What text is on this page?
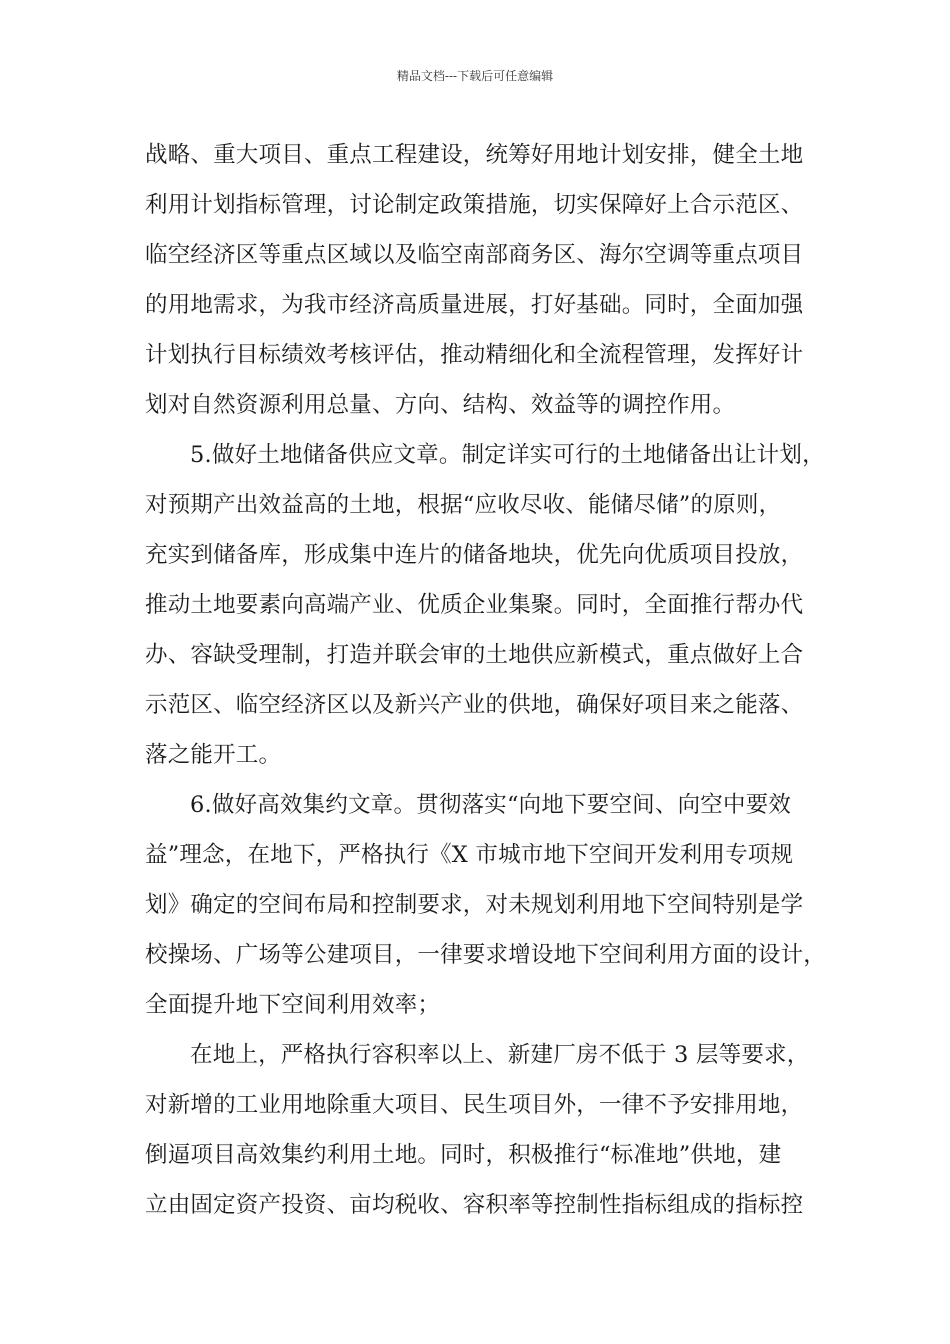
精品文档---下载后可任意编辑
战略、重大项目、重点工程建设，统筹好用地计划安排，健全土地
利用计划指标管理，讨论制定政策措施，切实保障好上合示范区、
临空经济区等重点区域以及临空南部商务区、海尔空调等重点项目
的用地需求，为我市经济高质量进展，打好基础。同时，全面加强
计划执行目标绩效考核评估，推动精细化和全流程管理，发挥好计
划对自然资源利用总量、方向、结构、效益等的调控作用。
5.做好土地储备供应文章。制定详实可行的土地储备出让计划，
对预期产出效益高的土地，根据“应收尽收、能储尽储”的原则，
充实到储备库，形成集中连片的储备地块，优先向优质项目投放，
推动土地要素向高端产业、优质企业集聚。同时，全面推行帮办代
办、容缺受理制，打造并联会审的土地供应新模式，重点做好上合
示范区、临空经济区以及新兴产业的供地，确保好项目来之能落、
落之能开工。
6.做好高效集约文章。贯彻落实“向地下要空间、向空中要效
益”理念，在地下，严格执行《X 市城市地下空间开发利用专项规
划》确定的空间布局和控制要求，对未规划利用地下空间特别是学
校操场、广场等公建项目，一律要求增设地下空间利用方面的设计，
全面提升地下空间利用效率；
在地上，严格执行容积率以上、新建厂房不低于 3 层等要求，
对新增的工业用地除重大项目、民生项目外，一律不予安排用地，
倒逼项目高效集约利用土地。同时，积极推行“标准地”供地，建
立由固定资产投资、亩均税收、容积率等控制性指标组成的指标控
